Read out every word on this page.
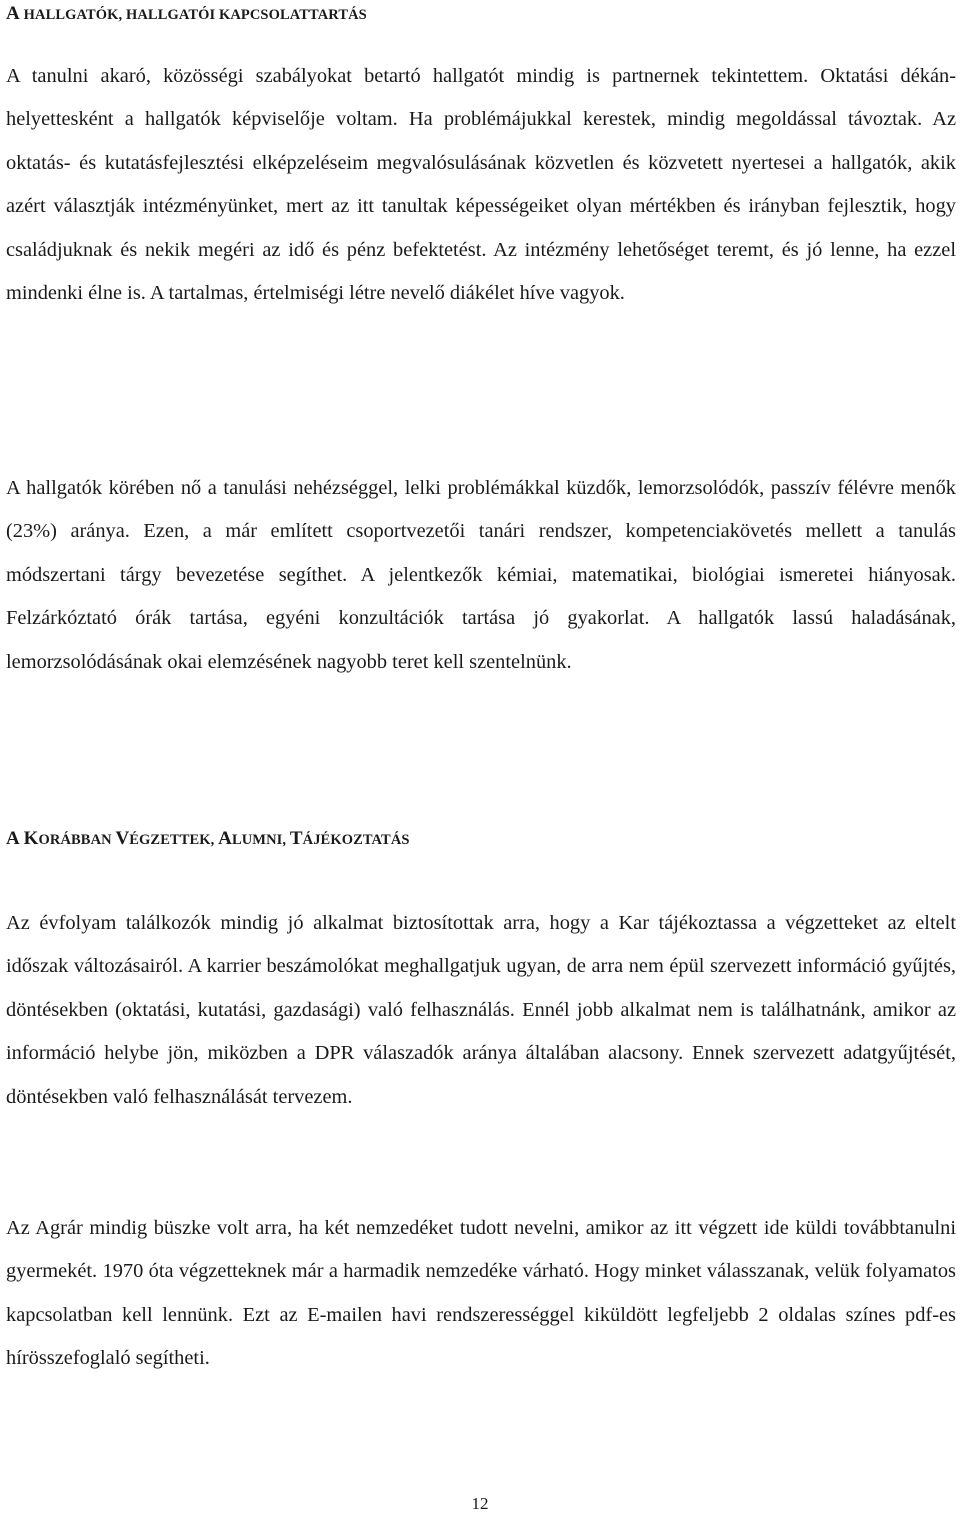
A HALLGATÓK, HALLGATÓI KAPCSOLATTARTÁS

A tanulni akaró, közösségi szabályokat betartó hallgatót mindig is partnernek tekintettem. Oktatási dékán-helyettesként a hallgatók képviselője voltam. Ha problémájukkal kerestek, mindig megoldással távoztak. Az oktatás- és kutatásfejlesztési elképzeléseim megvalósulásának közvetlen és közvetett nyertesei a hallgatók, akik azért választják intézményünket, mert az itt tanultak képességeiket olyan mértékben és irányban fejlesztik, hogy családjuknak és nekik megéri az idő és pénz befektetést. Az intézmény lehetőséget teremt, és jó lenne, ha ezzel mindenki élne is. A tartalmas, értelmiségi létre nevelő diákélet híve vagyok.

A hallgatók körében nő a tanulási nehézséggel, lelki problémákkal küzdők, lemorzsolódók, passzív félévre menők (23%) aránya. Ezen, a már említett csoportvezetői tanári rendszer, kompetenciakövetés mellett a tanulás módszertani tárgy bevezetése segíthet. A jelentkezők kémiai, matematikai, biológiai ismeretei hiányosak. Felzárkóztató órák tartása, egyéni konzultációk tartása jó gyakorlat. A hallgatók lassú haladásának, lemorzsolódásának okai elemzésének nagyobb teret kell szentelnünk.

A KORÁBBAN VÉGZETTEK, ALUMNI, TÁJÉKOZTATÁS

Az évfolyam találkozók mindig jó alkalmat biztosítottak arra, hogy a Kar tájékoztassa a végzetteket az eltelt időszak változásairól. A karrier beszámolókat meghallgatjuk ugyan, de arra nem épül szervezett információ gyűjtés, döntésekben (oktatási, kutatási, gazdasági) való felhasználás. Ennél jobb alkalmat nem is találhatnánk, amikor az információ helybe jön, miközben a DPR válaszadók aránya általában alacsony. Ennek szervezett adatgyűjtését, döntésekben való felhasználását tervezem.

Az Agrár mindig büszke volt arra, ha két nemzedéket tudott nevelni, amikor az itt végzett ide küldi továbbtanulni gyermekét. 1970 óta végzetteknek már a harmadik nemzedéke várható. Hogy minket válasszanak, velük folyamatos kapcsolatban kell lennünk. Ezt az E-mailen havi rendszerességgel kiküldött legfeljebb 2 oldalas színes pdf-es hírösszefoglaló segítheti.

12
